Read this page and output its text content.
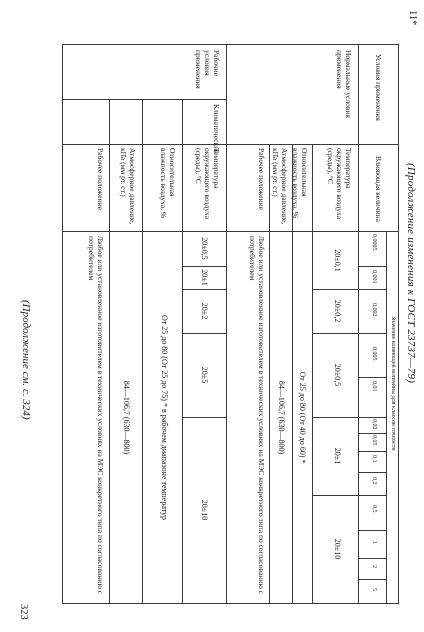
11*
(Продолжение изменения к ГОСТ 23737—79)
Условия применения
Влияющая величина
Значение влияющей величины для классов точности
0,0005
0,001
0,002
0,005
0,01
0,02
0,05
0,1
0,2
0,5
1
2
5
Нормальные условия применения
Температура окружающего воздуха (среды), °С
20±0,1
20±0,2
20±0,5
20±1
20±10
Относительная влажность воздуха, %
От 25 до 80 (От 40 до 60) *
Атмосферное давление, кПа (мм рт. ст.)
84—106,7 (630—800)
Рабочее положение
Любое или установленное изготовителем в технических условиях на МЭС конкретного типа по согласованию с потребителем
Рабочие условия применения
Климатические
Температура окружающего воздуха (среды), °С
20±0,5
20±1
20±2
20±5
20±10
Относительная влажность воздуха, %
От 25 до 80 (От 25 до 75) * в рабочем диапазоне температур
Атмосферное давление, кПа (мм рт. ст.)
84—106,7 (630—800)
Рабочее положение
Любое или установленное изготовителем в технических условиях на МЭС конкретного типа по согласованию с потребителем
(Продолжение см. с. 324)
323
